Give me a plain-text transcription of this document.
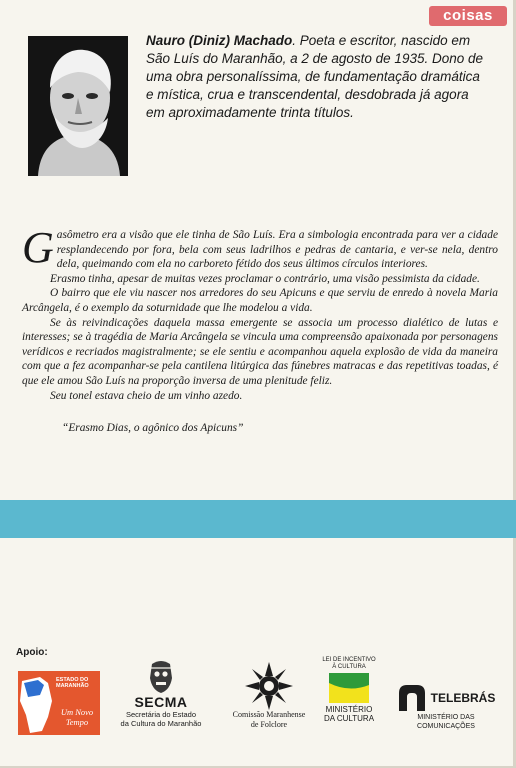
coisas

Nauro (Diniz) Machado. Poeta e escritor, nascido em São Luís do Maranhão, a 2 de agosto de 1935. Dono de uma obra personalíssima, de fundamentação dramática e mística, crua e transcendental, desdobrada já agora em aproximadamente trinta títulos.

Gasômetro era a visão que ele tinha de São Luís. Era a simbologia encontrada para ver a cidade resplandecendo por fora, bela com seus ladrilhos e pedras de cantaria, e ver-se nela, dentro dela, queimando com ela no carboreto fétido dos seus últimos círculos interiores.

Erasmo tinha, apesar de muitas vezes proclamar o contrário, uma visão pessimista da cidade.

O bairro que ele viu nascer nos arredores do seu Apicuns e que serviu de enredo à novela Maria Arcângela, é o exemplo da soturnidade que lhe modelou a vida.

Se às reivindicações daquela massa emergente se associa um processo dialético de lutas e interesses; se à tragédia de Maria Arcângela se vincula uma compreensão apaixonada por personagens verídicos e recriados magistralmente; se ele sentiu e acompanhou aquela explosão de vida da maneira com que a fez acompanhar-se pela cantilena litúrgica das fúnebres matracas e das repetitivas toadas, é que ele amou São Luís na proporção inversa de uma plenitude feliz.

Seu tonel estava cheio de um vinho azedo.

“Erasmo Dias, o agônico dos Apicuns”

Apoio:
ESTADO DO
MARANHÃO
Um Novo Tempo
SECMA
Secretária do Estado
da Cultura do Maranhão
Comissão Maranhense
de Folclore
LEI DE INCENTIVO
À CULTURA
MINISTÉRIO
DA CULTURA
TELEBRÁS
MINISTÉRIO DAS COMUNICAÇÕES
